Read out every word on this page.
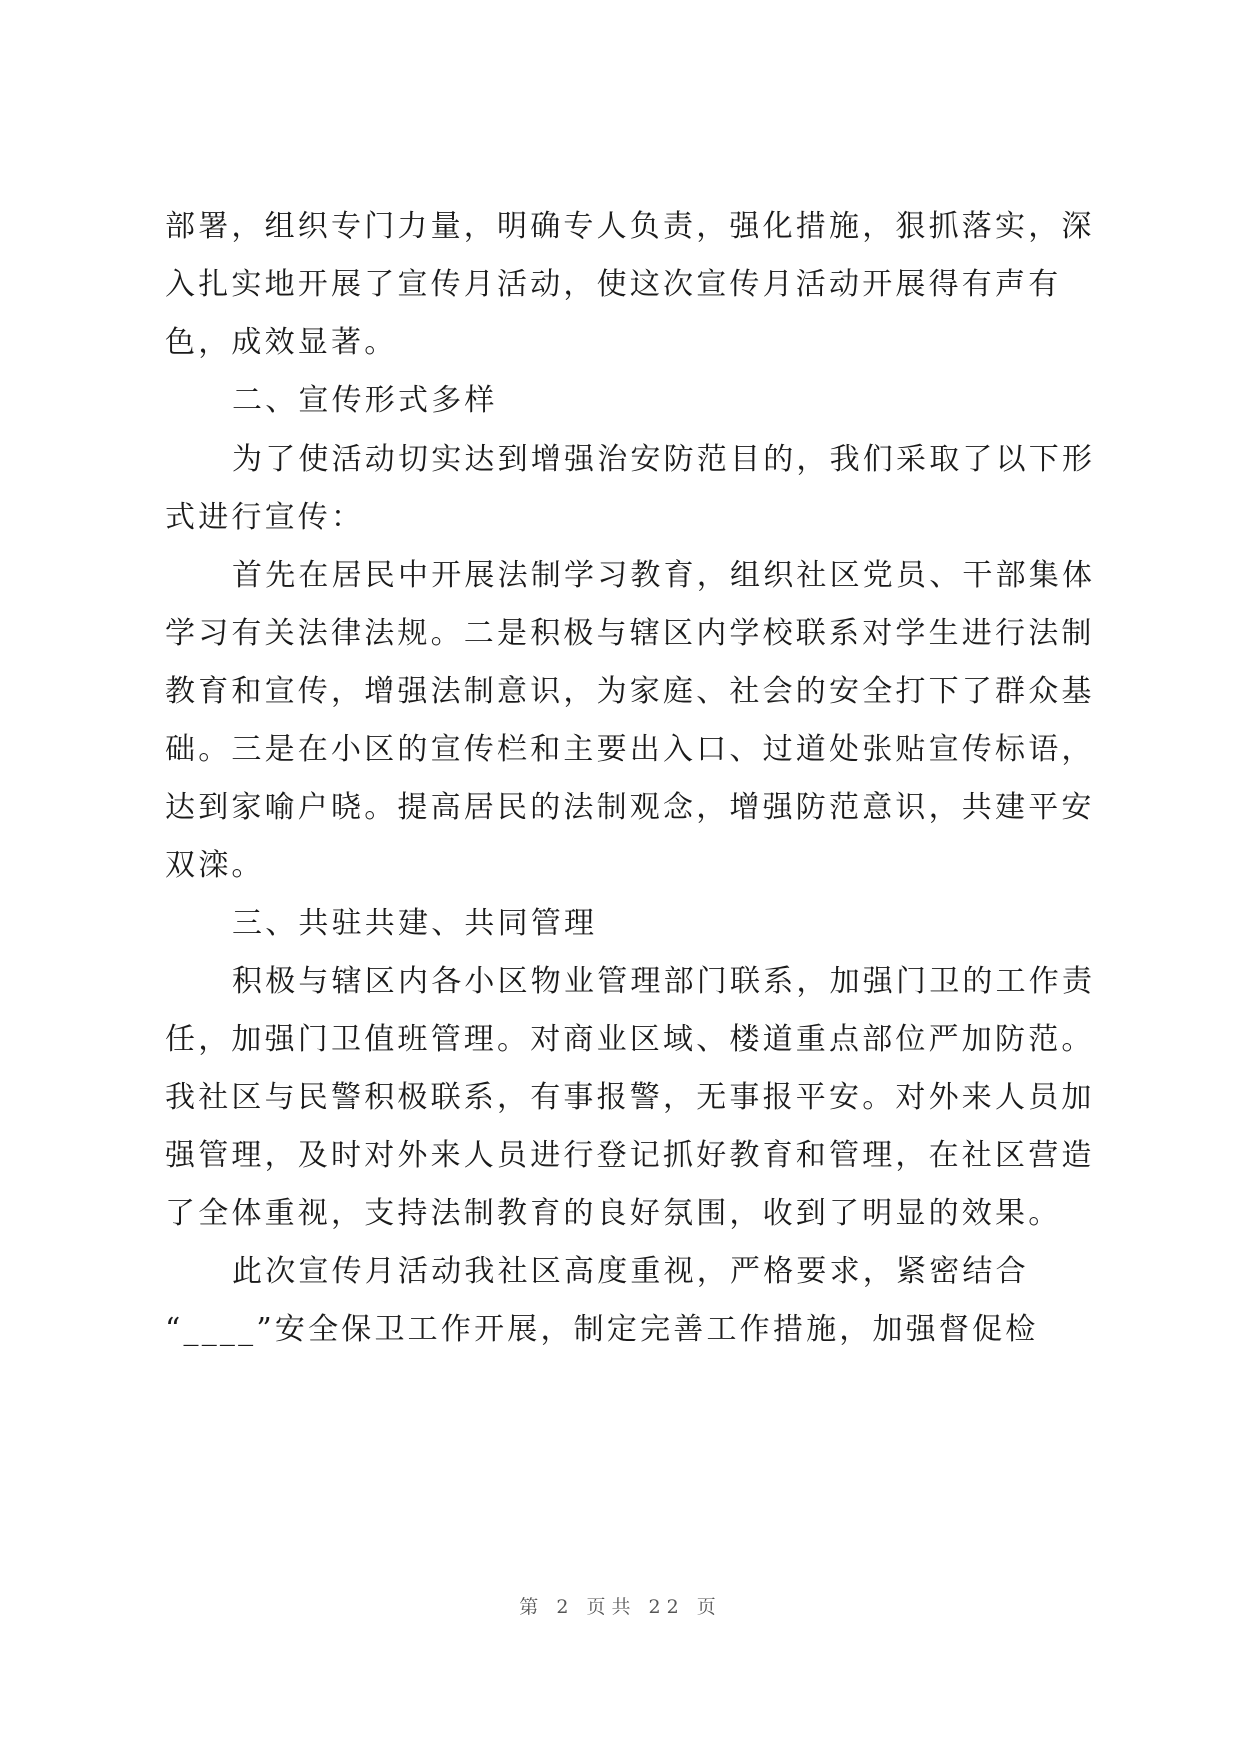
部署，组织专门力量，明确专人负责，强化措施，狠抓落实，深
入扎实地开展了宣传月活动，使这次宣传月活动开展得有声有
色，成效显著。
二、宣传形式多样
为了使活动切实达到增强治安防范目的，我们采取了以下形
式进行宣传：
首先在居民中开展法制学习教育，组织社区党员、干部集体
学习有关法律法规。二是积极与辖区内学校联系对学生进行法制
教育和宣传，增强法制意识，为家庭、社会的安全打下了群众基
础。三是在小区的宣传栏和主要出入口、过道处张贴宣传标语，
达到家喻户晓。提高居民的法制观念，增强防范意识，共建平安
双滦。
三、共驻共建、共同管理
积极与辖区内各小区物业管理部门联系，加强门卫的工作责
任，加强门卫值班管理。对商业区域、楼道重点部位严加防范。
我社区与民警积极联系，有事报警，无事报平安。对外来人员加
强管理，及时对外来人员进行登记抓好教育和管理，在社区营造
了全体重视，支持法制教育的良好氛围，收到了明显的效果。
此次宣传月活动我社区高度重视，严格要求，紧密结合
“____”安全保卫工作开展，制定完善工作措施，加强督促检
第 2 页共 22 页
